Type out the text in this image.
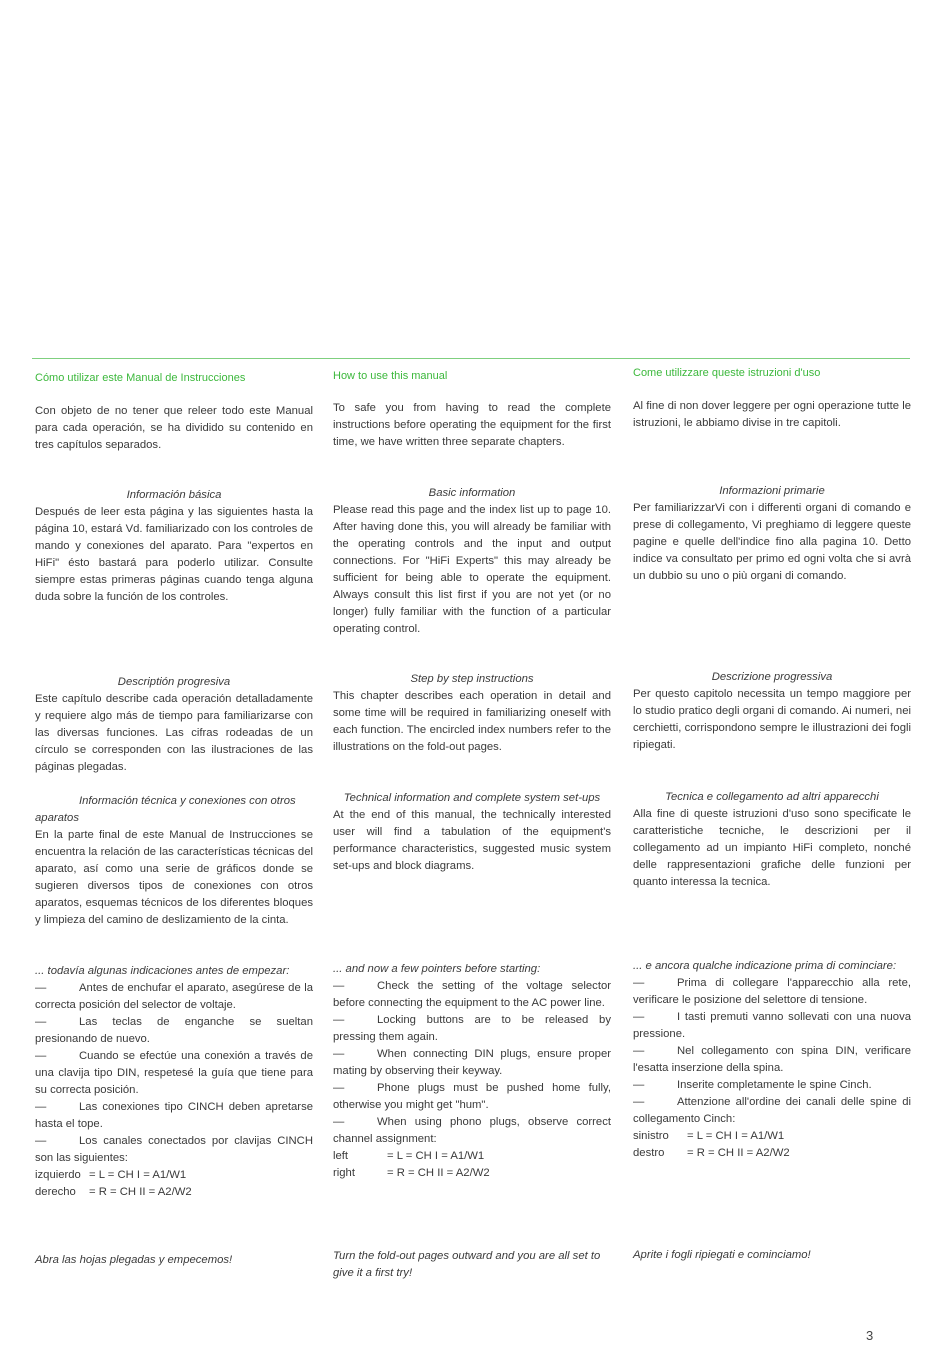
Cómo utilizar este Manual de Instrucciones

Con objeto de no tener que releer todo este Manual para cada operación, se ha dividido su contenido en tres capítulos separados.

Información básica

Después de leer esta página y las siguientes hasta la página 10, estará Vd. familiarizado con los controles de mando y conexiones del aparato. Para "expertos en HiFi" ésto bastará para poderlo utilizar. Consulte siempre estas primeras páginas cuando tenga alguna duda sobre la función de los controles.

Descriptión progresiva

Este capítulo describe cada operación detalladamente y requiere algo más de tiempo para familiarizarse con las diversas funciones. Las cifras rodeadas de un círculo se corresponden con las ilustraciones de las páginas plegadas.

Información técnica y conexiones con otros aparatos

En la parte final de este Manual de Instrucciones se encuentra la relación de las características técnicas del aparato, así como una serie de gráficos donde se sugieren diversos tipos de conexiones con otros aparatos, esquemas técnicos de los diferentes bloques y limpieza del camino de deslizamiento de la cinta.

... todavía algunas indicaciones antes de empezar:

—	Antes de enchufar el aparato, asegúrese de la correcta posición del selector de voltaje.
—	Las teclas de enganche se sueltan presionando de nuevo.
—	Cuando se efectúe una conexión a través de una clavija tipo DIN, respetesé la guía que tiene para su correcta posición.
—	Las conexiones tipo CINCH deben apretarse hasta el tope.
—	Los canales conectados por clavijas CINCH son las siguientes:

izquierdo = L = CH I = A1/W1

derecho = R = CH II = A2/W2

Abra las hojas plegadas y empecemos!

How to use this manual

To safe you from having to read the complete instructions before operating the equipment for the first time, we have written three separate chapters.

Basic information

Please read this page and the index list up to page 10. After having done this, you will already be familiar with the operating controls and the input and output connections. For "HiFi Experts" this may already be sufficient for being able to operate the equipment. Always consult this list first if you are not yet (or no longer) fully familiar with the function of a particular operating control.

Step by step instructions

This chapter describes each operation in detail and some time will be required in familiarizing oneself with each function. The encircled index numbers refer to the illustrations on the fold-out pages.

Technical information and complete system set-ups

At the end of this manual, the technically interested user will find a tabulation of the equipment's performance characteristics, suggested music system set-ups and block diagrams.

... and now a few pointers before starting:

—	Check the setting of the voltage selector before connecting the equipment to the AC power line.
—	Locking buttons are to be released by pressing them again.
—	When connecting DIN plugs, ensure proper mating by observing their keyway.
—	Phone plugs must be pushed home fully, otherwise you might get "hum".
—	When using phono plugs, observe correct channel assignment:

left	= L = CH I = A1/W1

right	= R = CH II = A2/W2

Turn the fold-out pages outward and you are all set to give it a first try!

Come utilizzare queste istruzioni d'uso

Al fine di non dover leggere per ogni operazione tutte le istruzioni, le abbiamo divise in tre capitoli.

Informazioni primarie

Per familiarizzarVi con i differenti organi di comando e prese di collegamento, Vi preghiamo di leggere queste pagine e quelle dell'indice fino alla pagina 10. Detto indice va consultato per primo ed ogni volta che si avrà un dubbio su uno o più organi di comando.

Descrizione progressiva

Per questo capitolo necessita un tempo maggiore per lo studio pratico degli organi di comando. Ai numeri, nei cerchietti, corrispondono sempre le illustrazioni dei fogli ripiegati.

Tecnica e collegamento ad altri apparecchi

Alla fine di queste istruzioni d'uso sono specificate le caratteristiche tecniche, le descrizioni per il collegamento ad un impianto HiFi completo, nonché delle rappresentazioni grafiche delle funzioni per quanto interessa la tecnica.

... e ancora qualche indicazione prima di cominciare:

—	Prima di collegare l'apparecchio alla rete, verificare le posizione del selettore di tensione.
—	I tasti premuti vanno sollevati con una nuova pressione.
—	Nel collegamento con spina DIN, verificare l'esatta inserzione della spina.
—	Inserite completamente le spine Cinch.
—	Attenzione all'ordine dei canali delle spine di collegamento Cinch:

sinistro = L = CH I = A1/W1

destro = R = CH II = A2/W2

Aprite i fogli ripiegati e cominciamo!

3
